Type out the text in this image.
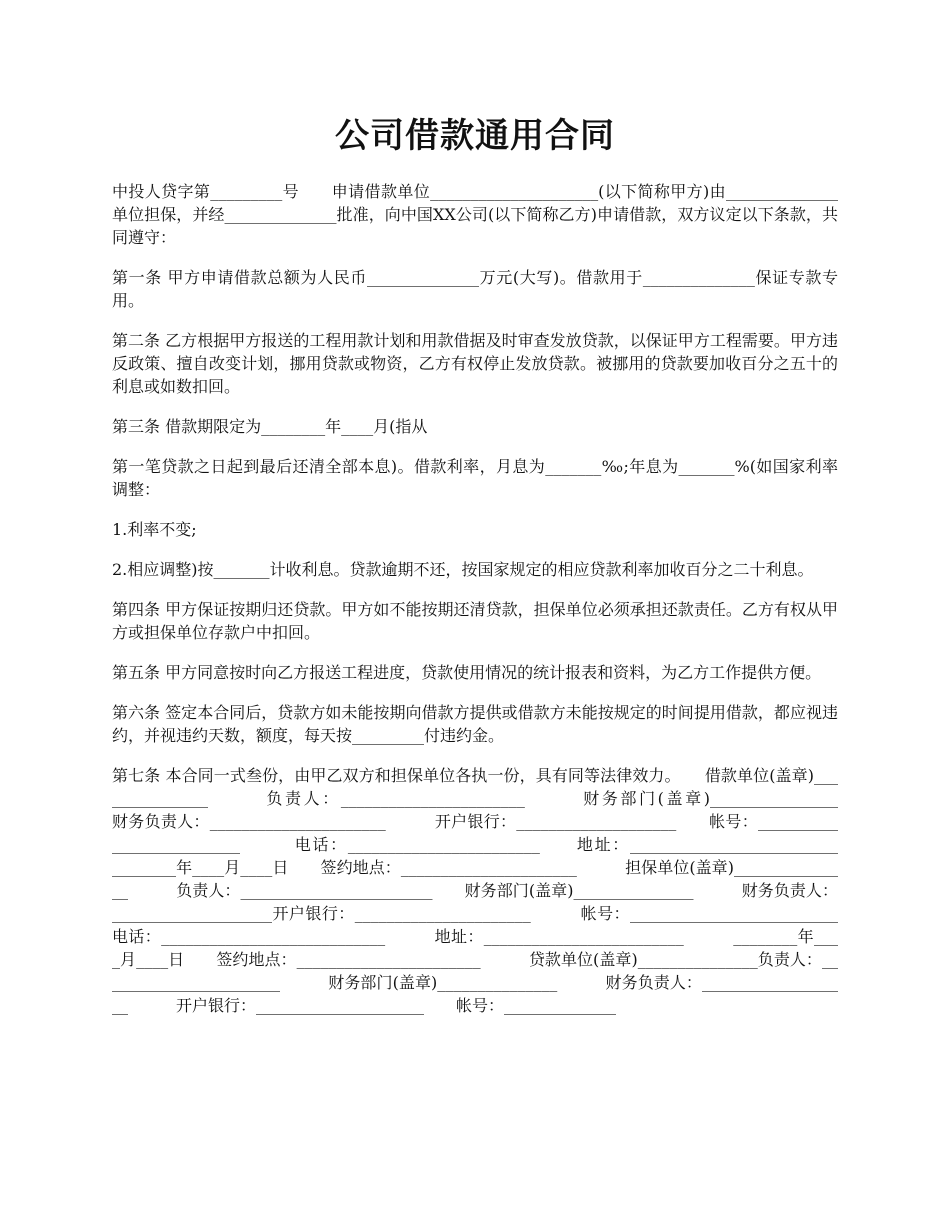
公司借款通用合同

中投人贷字第_________号　　申请借款单位_____________________(以下简称甲方)由______________单位担保，并经______________批准，向中国XX公司(以下简称乙方)申请借款，双方议定以下条款，共同遵守：

第一条 甲方申请借款总额为人民币______________万元(大写)。借款用于______________保证专款专用。

第二条 乙方根据甲方报送的工程用款计划和用款借据及时审查发放贷款，以保证甲方工程需要。甲方违反政策、擅自改变计划，挪用贷款或物资，乙方有权停止发放贷款。被挪用的贷款要加收百分之五十的利息或如数扣回。

第三条 借款期限定为________年____月(指从

第一笔贷款之日起到最后还清全部本息)。借款利率，月息为_______‰;年息为_______%(如国家利率调整：

1.利率不变;

2.相应调整)按_______计收利息。贷款逾期不还，按国家规定的相应贷款利率加收百分之二十利息。

第四条 甲方保证按期归还贷款。甲方如不能按期还清贷款，担保单位必须承担还款责任。乙方有权从甲方或担保单位存款户中扣回。

第五条 甲方同意按时向乙方报送工程进度，贷款使用情况的统计报表和资料，为乙方工作提供方便。

第六条 签定本合同后，贷款方如未能按期向借款方提供或借款方未能按规定的时间提用借款，都应视违约，并视违约天数，额度，每天按_________付违约金。

第七条 本合同一式叁份，由甲乙双方和担保单位各执一份，具有同等法律效力。　　借款单位(盖章)_______________　　　负责人：_______________________　　　财务部门(盖章)________________　　　财务负责人：______________________　　　开户银行：____________________　　帐号：__________________________　　　电话：________________________　　地址：__________________________　　　________年____月____日　　签约地点：______________________　　　担保单位(盖章)_______________　　　负责人：________________________　　财务部门(盖章)_______________　　　财务负责人：____________________开户银行：______________________　　　帐号：__________________________　　　电话：____________________________　　　地址：_________________________　　　________年____月____日　　签约地点：_______________________　　　贷款单位(盖章)_______________负责人：_______________________　　　财务部门(盖章)_______________　　　财务负责人：___________________　　　开户银行：_____________________　　帐号：______________
